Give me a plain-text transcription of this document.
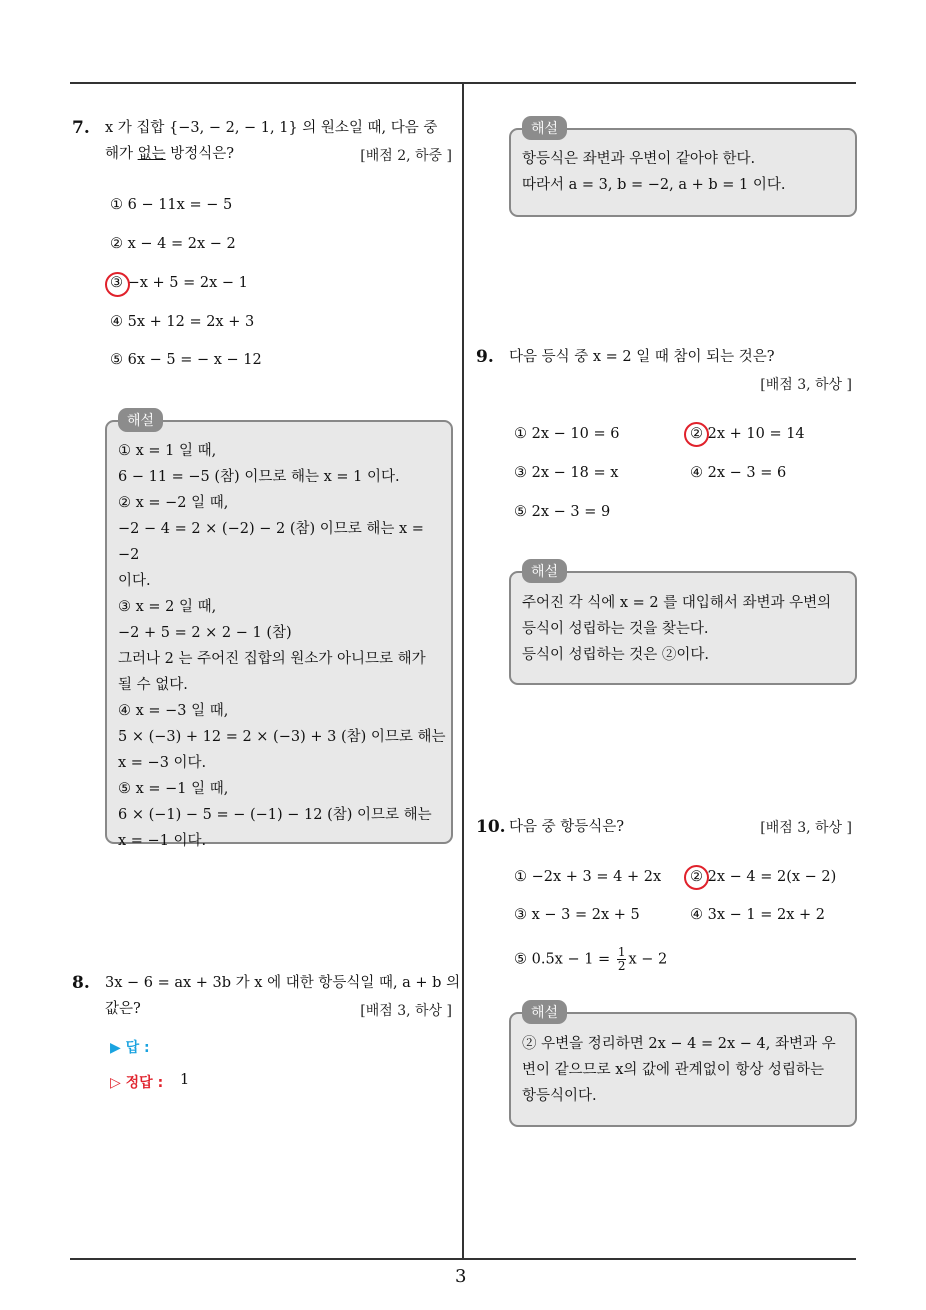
3
7. x 가 집합 {−3, − 2, − 1, 1} 의 원소일 때, 다음 중
해가 없는 방정식은?	[배점 2, 하중 ]
① 6 − 11x = − 5
② x − 4 = 2x − 2
③ −x + 5 = 2x − 1
④ 5x + 12 = 2x + 3
⑤ 6x − 5 = − x − 12
해설
① x = 1 일 때,
6 − 11 = −5 (참) 이므로 해는 x = 1 이다.
② x = −2 일 때,
−2 − 4 = 2 × (−2) − 2 (참) 이므로 해는 x = −2
이다.
③ x = 2 일 때,
−2 + 5 = 2 × 2 − 1 (참)
그러나 2 는 주어진 집합의 원소가 아니므로 해가
될 수 없다.
④ x = −3 일 때,
5 × (−3) + 12 = 2 × (−3) + 3 (참) 이므로 해는
x = −3 이다.
⑤ x = −1 일 때,
6 × (−1) − 5 = − (−1) − 12 (참) 이므로 해는
x = −1 이다.
8. 3x − 6 = ax + 3b 가 x 에 대한 항등식일 때, a + b 의
값은?	[배점 3, 하상 ]
▶ 답 :
▷ 정답 : 1
해설
항등식은 좌변과 우변이 같아야 한다.
따라서 a = 3, b = −2, a + b = 1 이다.
9. 다음 등식 중 x = 2 일 때 참이 되는 것은?
[배점 3, 하상 ]
① 2x − 10 = 6	② 2x + 10 = 14
③ 2x − 18 = x	④ 2x − 3 = 6
⑤ 2x − 3 = 9
해설
주어진 각 식에 x = 2 를 대입해서 좌변과 우변의
등식이 성립하는 것을 찾는다.
등식이 성립하는 것은 ②이다.
10. 다음 중 항등식은?	[배점 3, 하상 ]
① −2x + 3 = 4 + 2x ② 2x − 4 = 2(x − 2)
③ x − 3 = 2x + 5	④ 3x − 1 = 2x + 2
⑤ $0.5x - 1 = \frac{1}{2}$ x − 2
해설
② 우변을 정리하면 2x − 4 = 2x − 4, 좌변과 우
변이 같으므로 x의 값에 관계없이 항상 성립하는
항등식이다.
